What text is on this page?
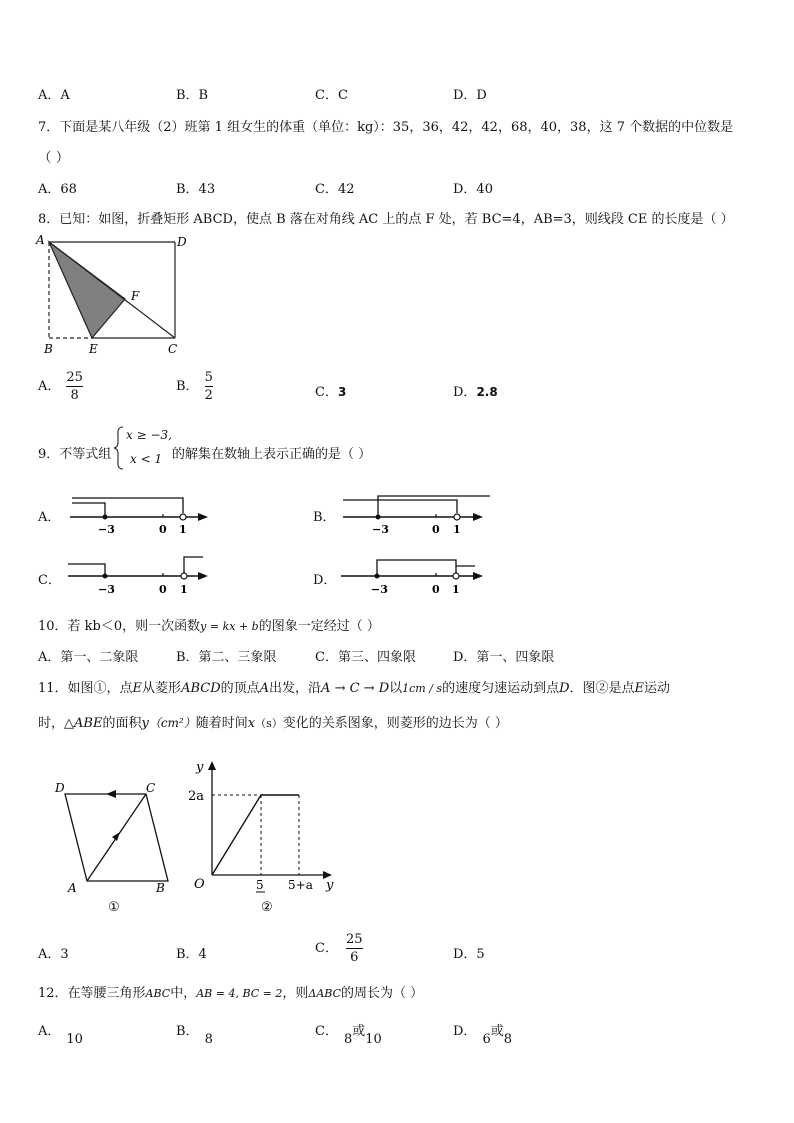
A．A	B．B	C．C	D．D
7．下面是某八年级（2）班第 1 组女生的体重（单位：kg）：35，36，42，42，68，40，38，这 7 个数据的中位数是
（ ）
A．68	B．43	C．42	D．40
8．已知：如图，折叠矩形 ABCD，使点 B 落在对角线 AC 上的点 F 处，若 BC=4，AB=3，则线段 CE 的长度是（ ）
A	D
B	E	C
F
A． $\frac{25}{8}$	B． $\frac{5}{2}$	C．3	D．2.8
9．不等式组
x ≥ −3,
x < 1 的解集在数轴上表示正确的是（ ）
A．
−3	0 1
B．
−3	0 1
C．
−3	0 1
D．
−3	0 1
10．若 kb＜0，则一次函数y = kx + b的图象一定经过（ ）
A．第一、二象限	B．第二、三象限	C．第三、四象限	D．第一、四象限
11．如图①，点E从菱形ABCD的顶点A出发，沿A → C → D以1cm / s的速度匀速运动到点D．图②是点E运动
时，△ABE的面积y（cm²）随着时间x（s）变化的关系图象，则菱形的边长为（ ）
D	C
A	B
①
y
2a
O	5 5+a y
②
A．3	B．4	C． $\frac{25}{6}$	D．5
12．在等腰三角形ABC中，AB = 4, BC = 2，则ΔABC的周长为（ ）
A．10
B．8
C．8或10
D．6或8
